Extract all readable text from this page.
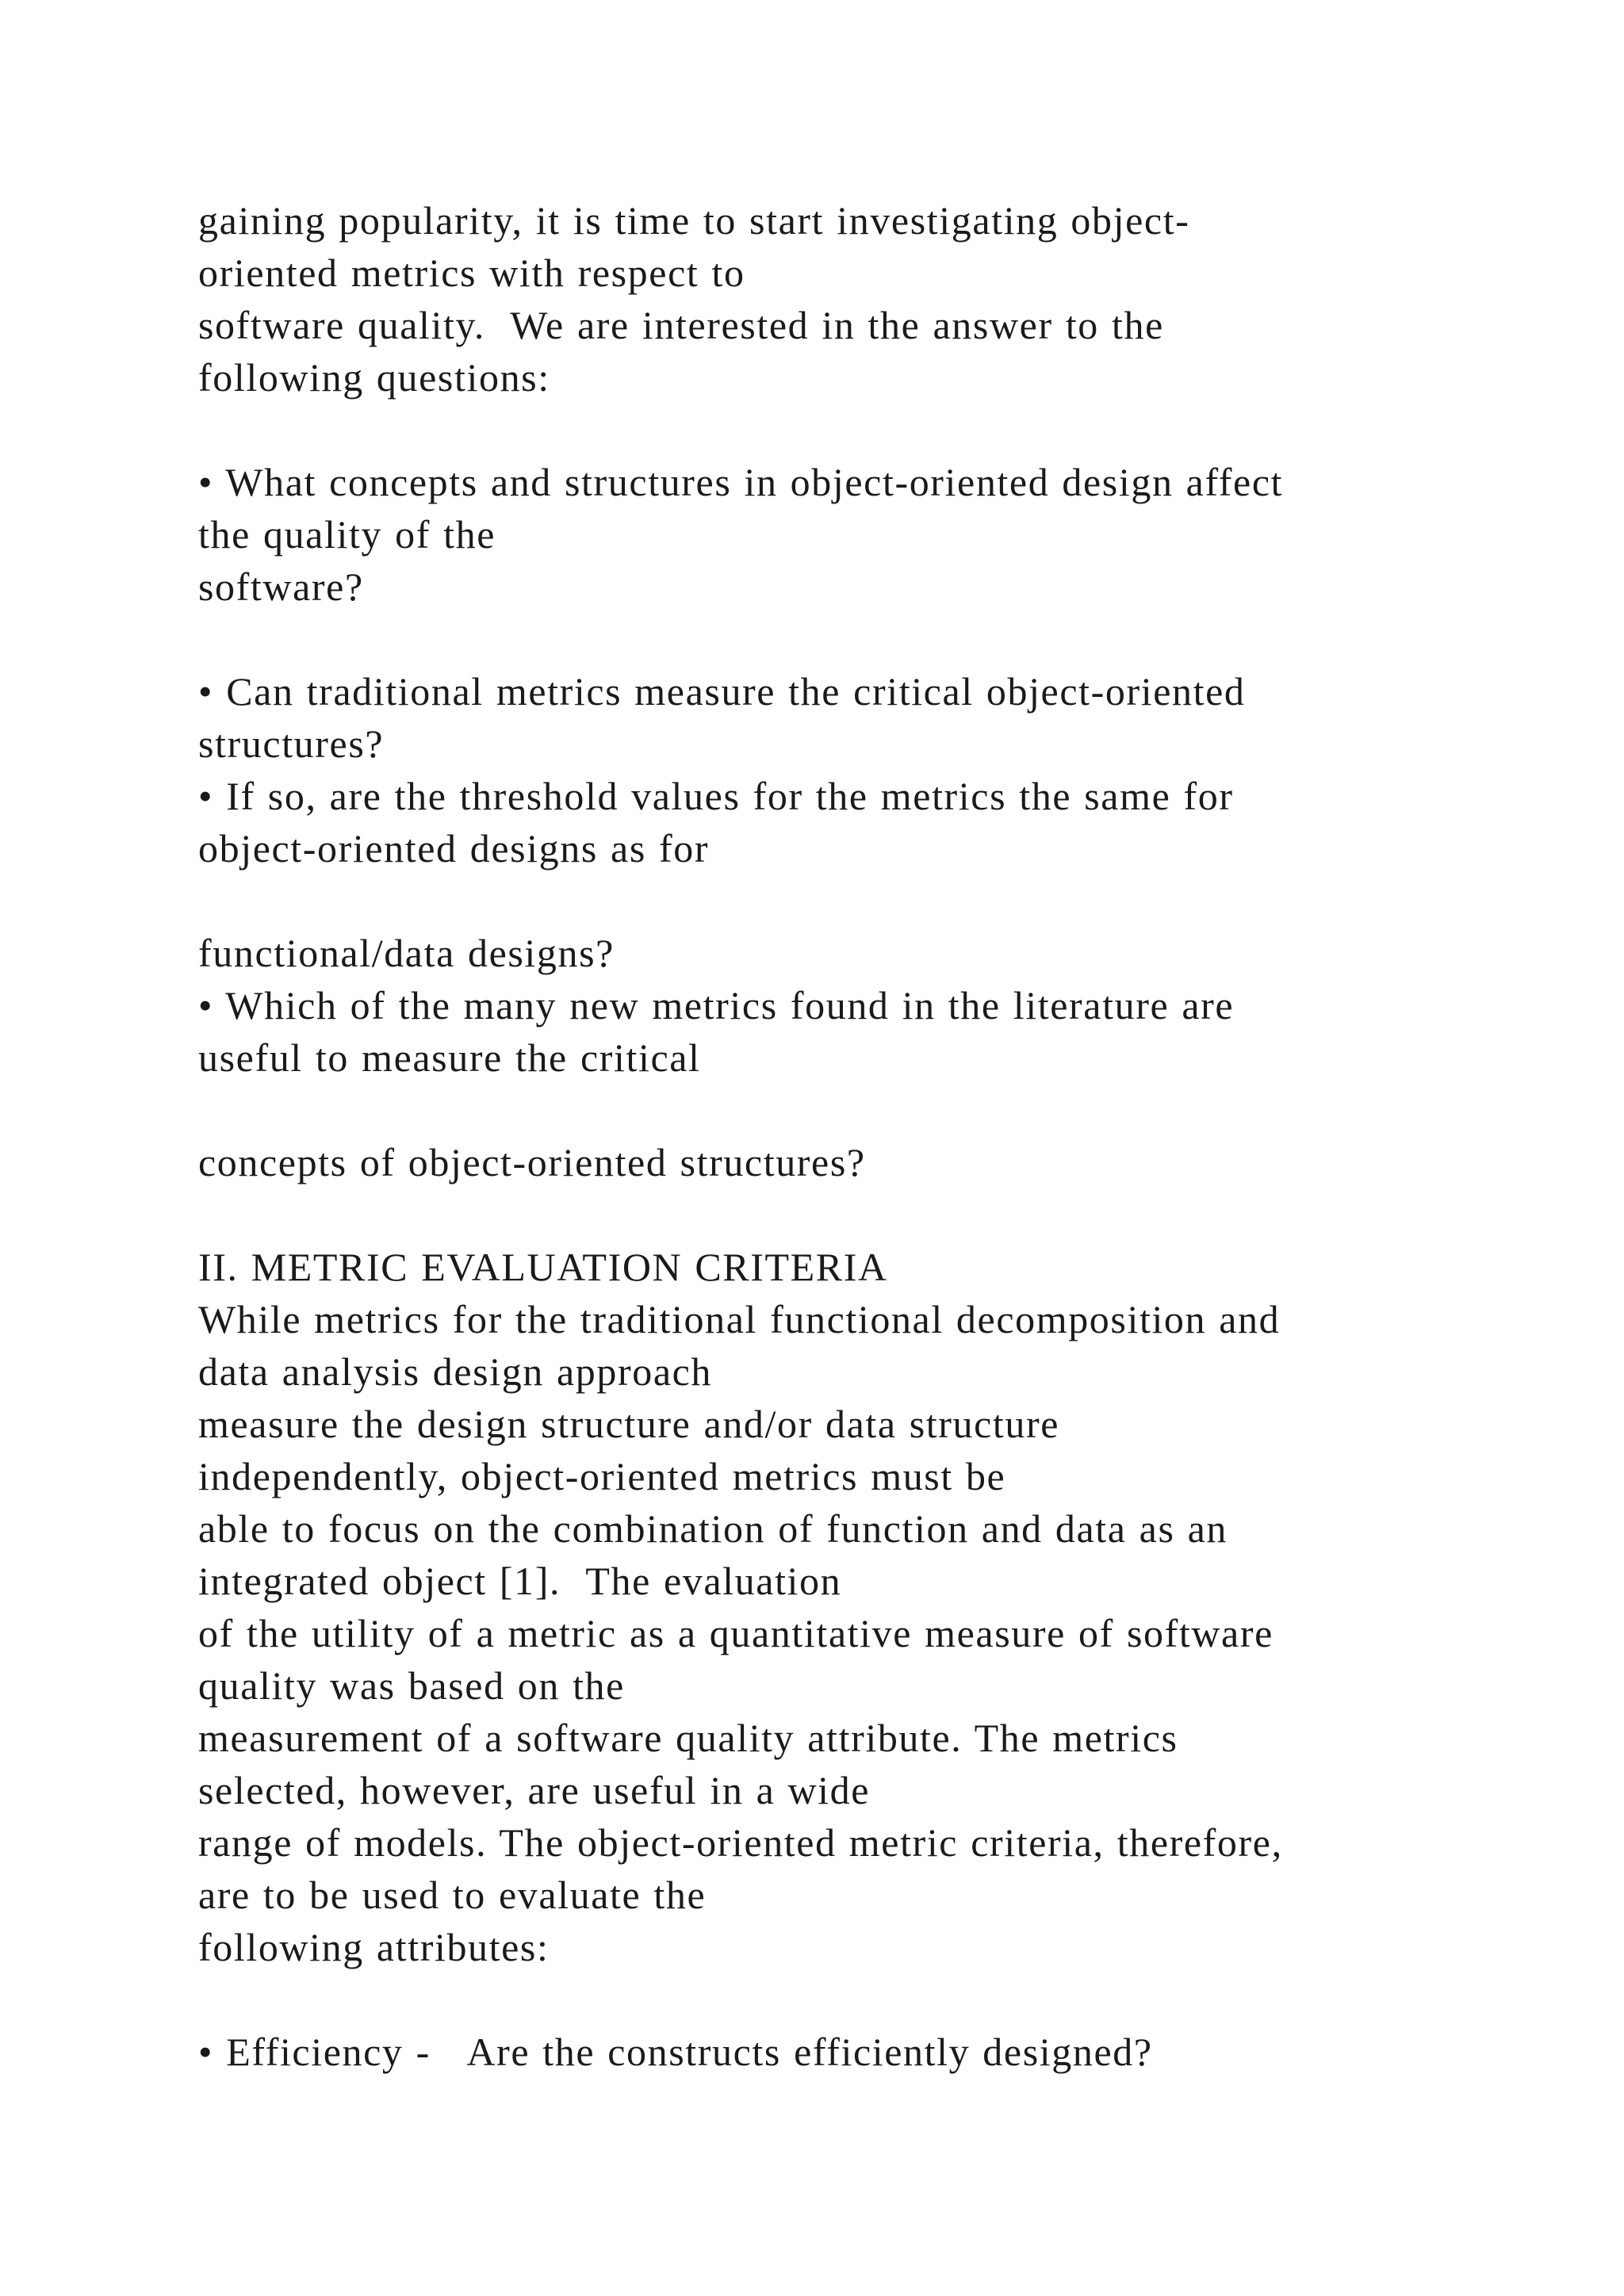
gaining popularity, it is time to start investigating object-
oriented metrics with respect to
software quality.  We are interested in the answer to the
following questions:
• What concepts and structures in object-oriented design affect
the quality of the
software?
• Can traditional metrics measure the critical object-oriented
structures?
• If so, are the threshold values for the metrics the same for
object-oriented designs as for
functional/data designs?
• Which of the many new metrics found in the literature are
useful to measure the critical
concepts of object-oriented structures?
II. METRIC EVALUATION CRITERIA
While metrics for the traditional functional decomposition and
data analysis design approach
measure the design structure and/or data structure
independently, object-oriented metrics must be
able to focus on the combination of function and data as an
integrated object [1].  The evaluation
of the utility of a metric as a quantitative measure of software
quality was based on the
measurement of a software quality attribute. The metrics
selected, however, are useful in a wide
range of models. The object-oriented metric criteria, therefore,
are to be used to evaluate the
following attributes:
• Efficiency -   Are the constructs efficiently designed?
